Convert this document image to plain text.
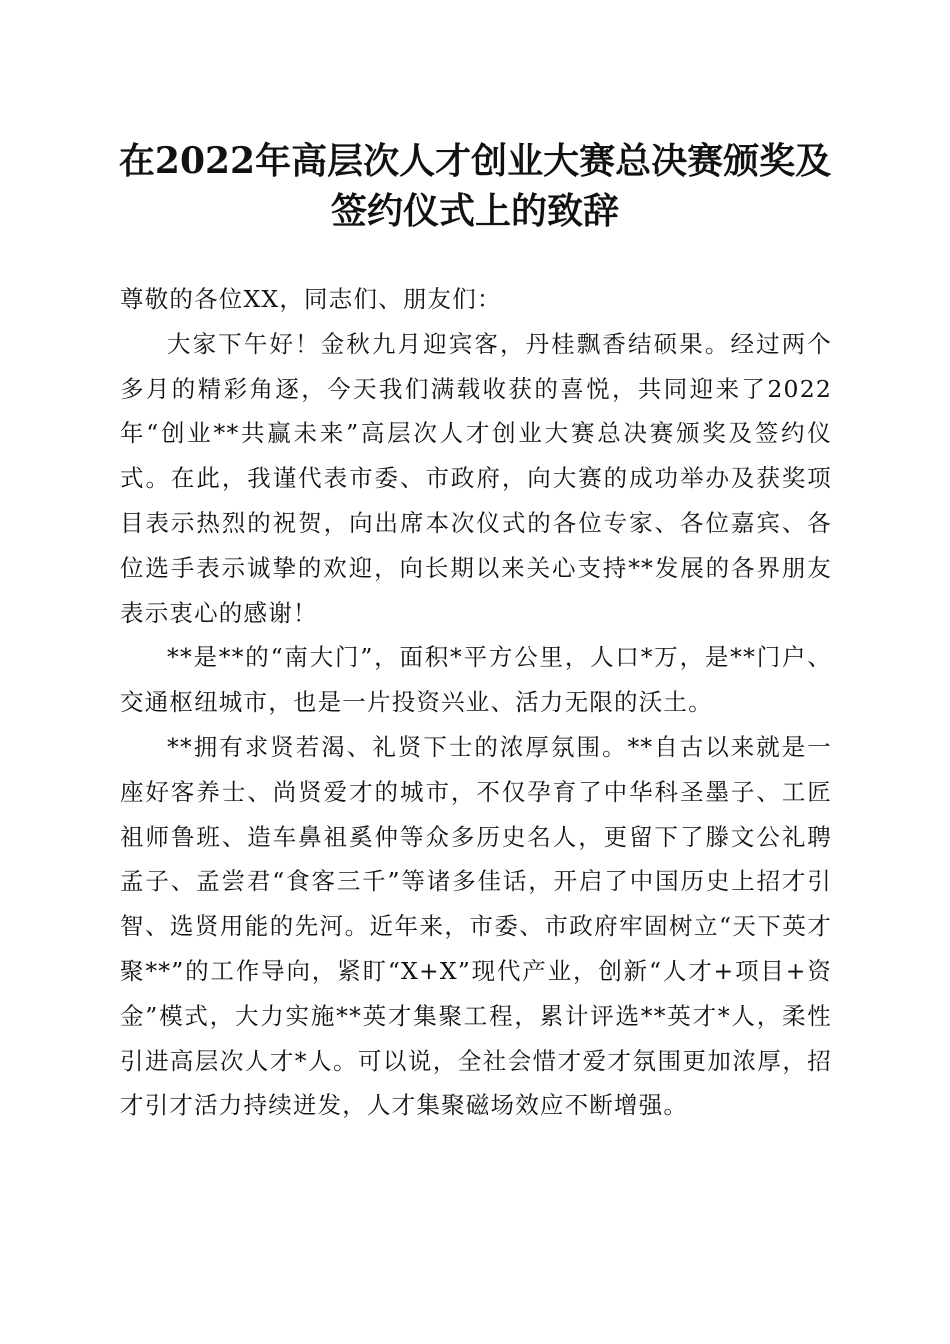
在2022年高层次人才创业大赛总决赛颁奖及
签约仪式上的致辞

尊敬的各位XX，同志们、朋友们：

大家下午好！金秋九月迎宾客，丹桂飘香结硕果。经过两个多月的精彩角逐，今天我们满载收获的喜悦，共同迎来了2022年“创业**共赢未来”高层次人才创业大赛总决赛颁奖及签约仪式。在此，我谨代表市委、市政府，向大赛的成功举办及获奖项目表示热烈的祝贺，向出席本次仪式的各位专家、各位嘉宾、各位选手表示诚挚的欢迎，向长期以来关心支持**发展的各界朋友表示衷心的感谢！

**是**的“南大门”，面积*平方公里，人口*万，是**门户、交通枢纽城市，也是一片投资兴业、活力无限的沃土。

**拥有求贤若渴、礼贤下士的浓厚氛围。**自古以来就是一座好客养士、尚贤爱才的城市，不仅孕育了中华科圣墨子、工匠祖师鲁班、造车鼻祖奚仲等众多历史名人，更留下了滕文公礼聘孟子、孟尝君“食客三千”等诸多佳话，开启了中国历史上招才引智、选贤用能的先河。近年来，市委、市政府牢固树立“天下英才聚**”的工作导向，紧盯“X+X”现代产业，创新“人才+项目+资金”模式，大力实施**英才集聚工程，累计评选**英才*人，柔性引进高层次人才*人。可以说，全社会惜才爱才氛围更加浓厚，招才引才活力持续迸发，人才集聚磁场效应不断增强。
